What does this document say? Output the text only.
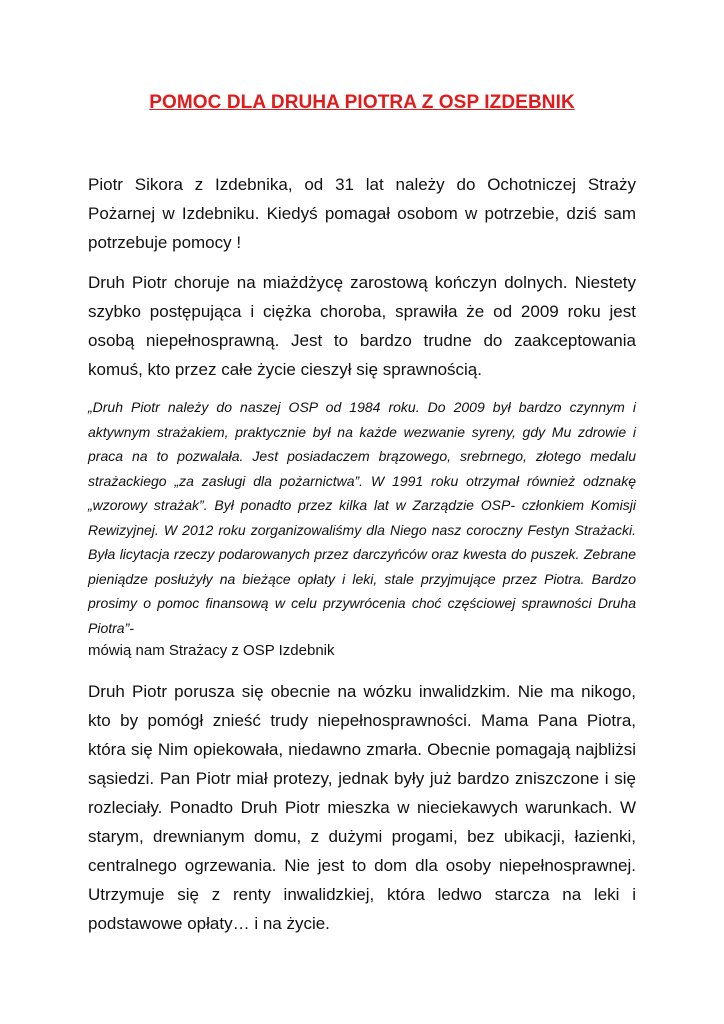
POMOC DLA DRUHA PIOTRA Z OSP IZDEBNIK

Piotr Sikora z Izdebnika, od 31 lat należy do Ochotniczej Straży Pożarnej w Izdebniku. Kiedyś pomagał osobom w potrzebie, dziś sam potrzebuje pomocy !

Druh Piotr choruje na miażdżycę zarostową kończyn dolnych. Niestety szybko postępująca i ciężka choroba, sprawiła że od 2009 roku jest osobą niepełnosprawną. Jest to bardzo trudne do zaakceptowania komuś, kto przez całe życie cieszył się sprawnością.

„Druh Piotr należy do naszej OSP od 1984 roku. Do 2009 był bardzo czynnym i aktywnym strażakiem, praktycznie był na każde wezwanie syreny, gdy Mu zdrowie i praca na to pozwalała. Jest posiadaczem brązowego, srebrnego, złotego medalu strażackiego „za zasługi dla pożarnictwa”. W 1991 roku otrzymał również odznakę „wzorowy strażak”. Był ponadto przez kilka lat w Zarządzie OSP- członkiem Komisji Rewizyjnej. W 2012 roku zorganizowaliśmy dla Niego nasz coroczny Festyn Strażacki. Była licytacja rzeczy podarowanych przez darczyńców oraz kwesta do puszek. Zebrane pieniądze posłużyły na bieżące opłaty i leki, stale przyjmujące przez Piotra. Bardzo prosimy o pomoc finansową w celu przywrócenia choć częściowej sprawności Druha Piotra”-

mówią nam Strażacy z OSP Izdebnik

Druh Piotr porusza się obecnie na wózku inwalidzkim. Nie ma nikogo, kto by pomógł znieść trudy niepełnosprawności. Mama Pana Piotra, która się Nim opiekowała, niedawno zmarła. Obecnie pomagają najbliżsi sąsiedzi. Pan Piotr miał protezy, jednak były już bardzo zniszczone i się rozleciały. Ponadto Druh Piotr mieszka w nieciekawych warunkach. W starym, drewnianym domu, z dużymi progami, bez ubikacji, łazienki, centralnego ogrzewania. Nie jest to dom dla osoby niepełnosprawnej. Utrzymuje się z renty inwalidzkiej, która ledwo starcza na leki i podstawowe opłaty… i na życie.
